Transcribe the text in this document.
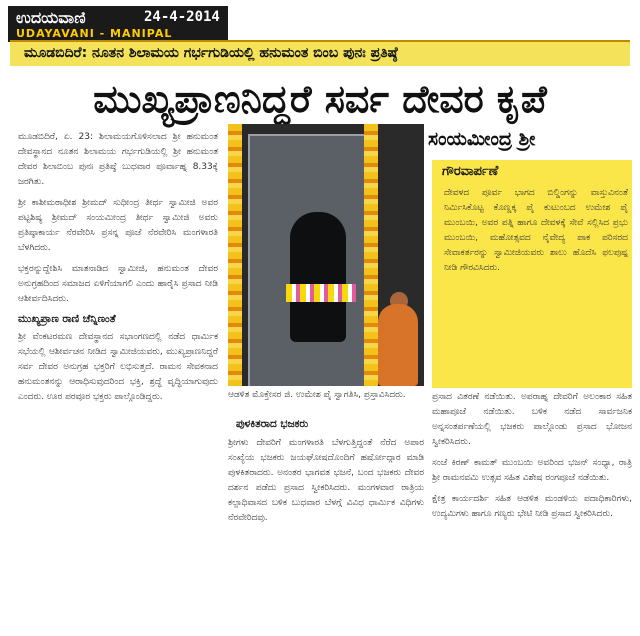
ಉದಯವಾಣಿ	24-4-2014
UDAYAVANI - MANIPAL
ಮೂಡಬಿದಿರೆ: ನೂತನ ಶಿಲಾಮಯ ಗರ್ಭಗುಡಿಯಲ್ಲಿ ಹನುಮಂತ ಬಿಂಬ ಪುನಃ ಪ್ರತಿಷ್ಠೆ
ಮುಖ್ಯಪ್ರಾಣನಿದ್ದರೆ ಸರ್ವ ದೇವರ ಕೃಪೆ

ಮೂಡಬಿದಿರೆ, ಏ. 23: ಶಿಲಾಮಯಗೊಳಿಸಲಾದ ಶ್ರೀ ಹನುಮಂತ ದೇವಸ್ಥಾನದ ನೂತನ ಶಿಲಾಮಯ ಗರ್ಭಗುಡಿಯಲ್ಲಿ ಶ್ರೀ ಹನುಮಂತ ದೇವರ ಶಿಲಾಬಿಂಬ ಪುನಃ ಪ್ರತಿಷ್ಠೆ ಬುಧವಾರ ಪೂರ್ವಾಹ್ನ 8.33ಕ್ಕೆ ಜರಗಿತು.

ಶ್ರೀ ಕಾಶೀಮಠಾಧೀಶ ಶ್ರೀಮದ್ ಸುಧೀಂದ್ರ ತೀರ್ಥ ಸ್ವಾಮೀಜಿ ಅವರ ಪಟ್ಟಶಿಷ್ಯ ಶ್ರೀಮದ್ ಸಂಯಮೀಂದ್ರ ತೀರ್ಥ ಸ್ವಾಮೀಜಿ ಅವರು ಪ್ರತಿಷ್ಠಾಕಾರ್ಯ ನೆರವೇರಿಸಿ ಪ್ರಸನ್ನ ಪೂಜೆ ನೆರವೇರಿಸಿ ಮಂಗಳಾರತಿ ಬೆಳಗಿದರು.

ಭಕ್ತರನ್ನುದ್ದೇಶಿಸಿ ಮಾತನಾಡಿದ ಸ್ವಾಮೀಜಿ, ಹನುಮಂತ ದೇವರ ಅನುಗ್ರಹದಿಂದ ಸಮಾಜದ ಏಳಿಗೆಯಾಗಲಿ ಎಂದು ಹಾರೈಸಿ ಪ್ರಸಾದ ನೀಡಿ ಆಶೀರ್ವದಿಸಿದರು.

ಮುಖ್ಯಪ್ರಾಣ ರಾಣಿ ಚೆನ್ನಿಣಂತೆ

ಶ್ರೀ ವೆಂಕಟರಮಣ ದೇವಸ್ಥಾನದ ಸಭಾಂಗಣದಲ್ಲಿ ನಡೆದ ಧಾರ್ಮಿಕ ಸಭೆಯಲ್ಲಿ ಆಶೀರ್ವಚನ ನೀಡಿದ ಸ್ವಾಮೀಜಿಯವರು, ಮುಖ್ಯಪ್ರಾಣನಿದ್ದರೆ ಸರ್ವ ದೇವರ ಅನುಗ್ರಹ ಭಕ್ತರಿಗೆ ಲಭಿಸುತ್ತದೆ. ರಾಮನ ಸೇವಕನಾದ ಹನುಮಂತನನ್ನು ಆರಾಧಿಸುವುದರಿಂದ ಭಕ್ತಿ, ಶ್ರದ್ಧೆ ವೃದ್ಧಿಯಾಗುವುದು ಎಂದರು. ಊರ ಪರವೂರ ಭಕ್ತರು ಪಾಲ್ಗೊಂಡಿದ್ದರು.	ಆಡಳಿತ ಮೊಕ್ತೇಸರ ಜಿ. ಉಮೇಶ ಪೈ ಸ್ವಾಗತಿಸಿ, ಪ್ರಸ್ತಾವಿಸಿದರು.
ಪುಳಕಿತರಾದ ಭಜಕರು

ಶ್ರೀಗಳು ದೇವರಿಗೆ ಮಂಗಳಾರತಿ ಬೆಳಗುತ್ತಿದ್ದಂತೆ ನೆರೆದ ಅಪಾರ ಸಂಖ್ಯೆಯ ಭಜಕರು ಜಯಘೋಷದೊಂದಿಗೆ ಹರ್ಷೋದ್ಗಾರ ಮಾಡಿ ಪುಳಕಿತರಾದರು. ಅನಂತರ ಭಾಗವತ ಭಜನೆ, ಬಂದ ಭಜಕರು ದೇವರ ದರ್ಶನ ಪಡೆದು ಪ್ರಸಾದ ಸ್ವೀಕರಿಸಿದರು. ಮಂಗಳವಾರ ರಾತ್ರಿಯ ಕಲ್ಪಾಧಿವಾಸದ ಬಳಿಕ ಬುಧವಾರ ಬೆಳಗ್ಗೆ ವಿವಿಧ ಧಾರ್ಮಿಕ ವಿಧಿಗಳು ನೆರವೇರಿದವು.

ಸಂಯಮೀಂದ್ರ ಶ್ರೀ
ಗೌರವಾರ್ಪಣೆ
ದೇವಳದ ಪೂರ್ವ ಭಾಗದ ಬಿಲ್ಡಿಂಗನ್ನು ವಾಸ್ತುವಿನಂತೆ ನಿರ್ಮಿಸಿಕೊಟ್ಟ ಕೊಣ್ಣಕ್ಕ ಪೈ ಕುಟುಂಬದ ಉಮೇಶ ಪೈ ಮುಂಬಯಿ, ಅವರ ಪತ್ನಿ ಹಾಗೂ ದೇವಳಕ್ಕೆ ಸೇವೆ ಸಲ್ಲಿಸಿದ ಪ್ರಭು ಮುಂಬಯಿ, ಮಹೋತ್ಸವದ ನೈವೇದ್ಯ ಪಾಕ ಪರಿಸರದ ಸೇವಾಕರ್ತರನ್ನು ಸ್ವಾಮೀಜಿಯವರು ಶಾಲು ಹೊದೆಸಿ ಫಲಪುಷ್ಪ ನೀಡಿ ಗೌರವಿಸಿದರು.

ಪ್ರಸಾದ ವಿತರಣೆ ನಡೆಯಿತು. ಅಪರಾಹ್ನ ದೇವರಿಗೆ ಅಲಂಕಾರ ಸಹಿತ ಮಹಾಪೂಜೆ ನಡೆಯಿತು. ಬಳಿಕ ನಡೆದ ಸಾರ್ವಜನಿಕ ಅನ್ನಸಂತರ್ಪಣೆಯಲ್ಲಿ ಭಜಕರು ಪಾಲ್ಗೊಂಡು ಪ್ರಸಾದ ಭೋಜನ ಸ್ವೀಕರಿಸಿದರು.

ಸಂಜೆ ಕಿರಣ್ ಕಾಮತ್ ಮುಂಬಯಿ ಅವರಿಂದ ಭಜನ್ ಸಂಧ್ಯಾ, ರಾತ್ರಿ ಶ್ರೀ ರಾಮನವಮಿ ಉತ್ಸವ ಸಹಿತ ವಿಶೇಷ ರಂಗಪೂಜೆ ನಡೆಯಿತು.

ಕ್ಷೇತ್ರ ಕಾರ್ಯದರ್ಶಿ ಸಹಿತ ಆಡಳಿತ ಮಂಡಳಿಯ ಪದಾಧಿಕಾರಿಗಳು, ಉದ್ಯಮಿಗಳು ಹಾಗೂ ಗಣ್ಯರು ಭೇಟಿ ನೀಡಿ ಪ್ರಸಾದ ಸ್ವೀಕರಿಸಿದರು.
